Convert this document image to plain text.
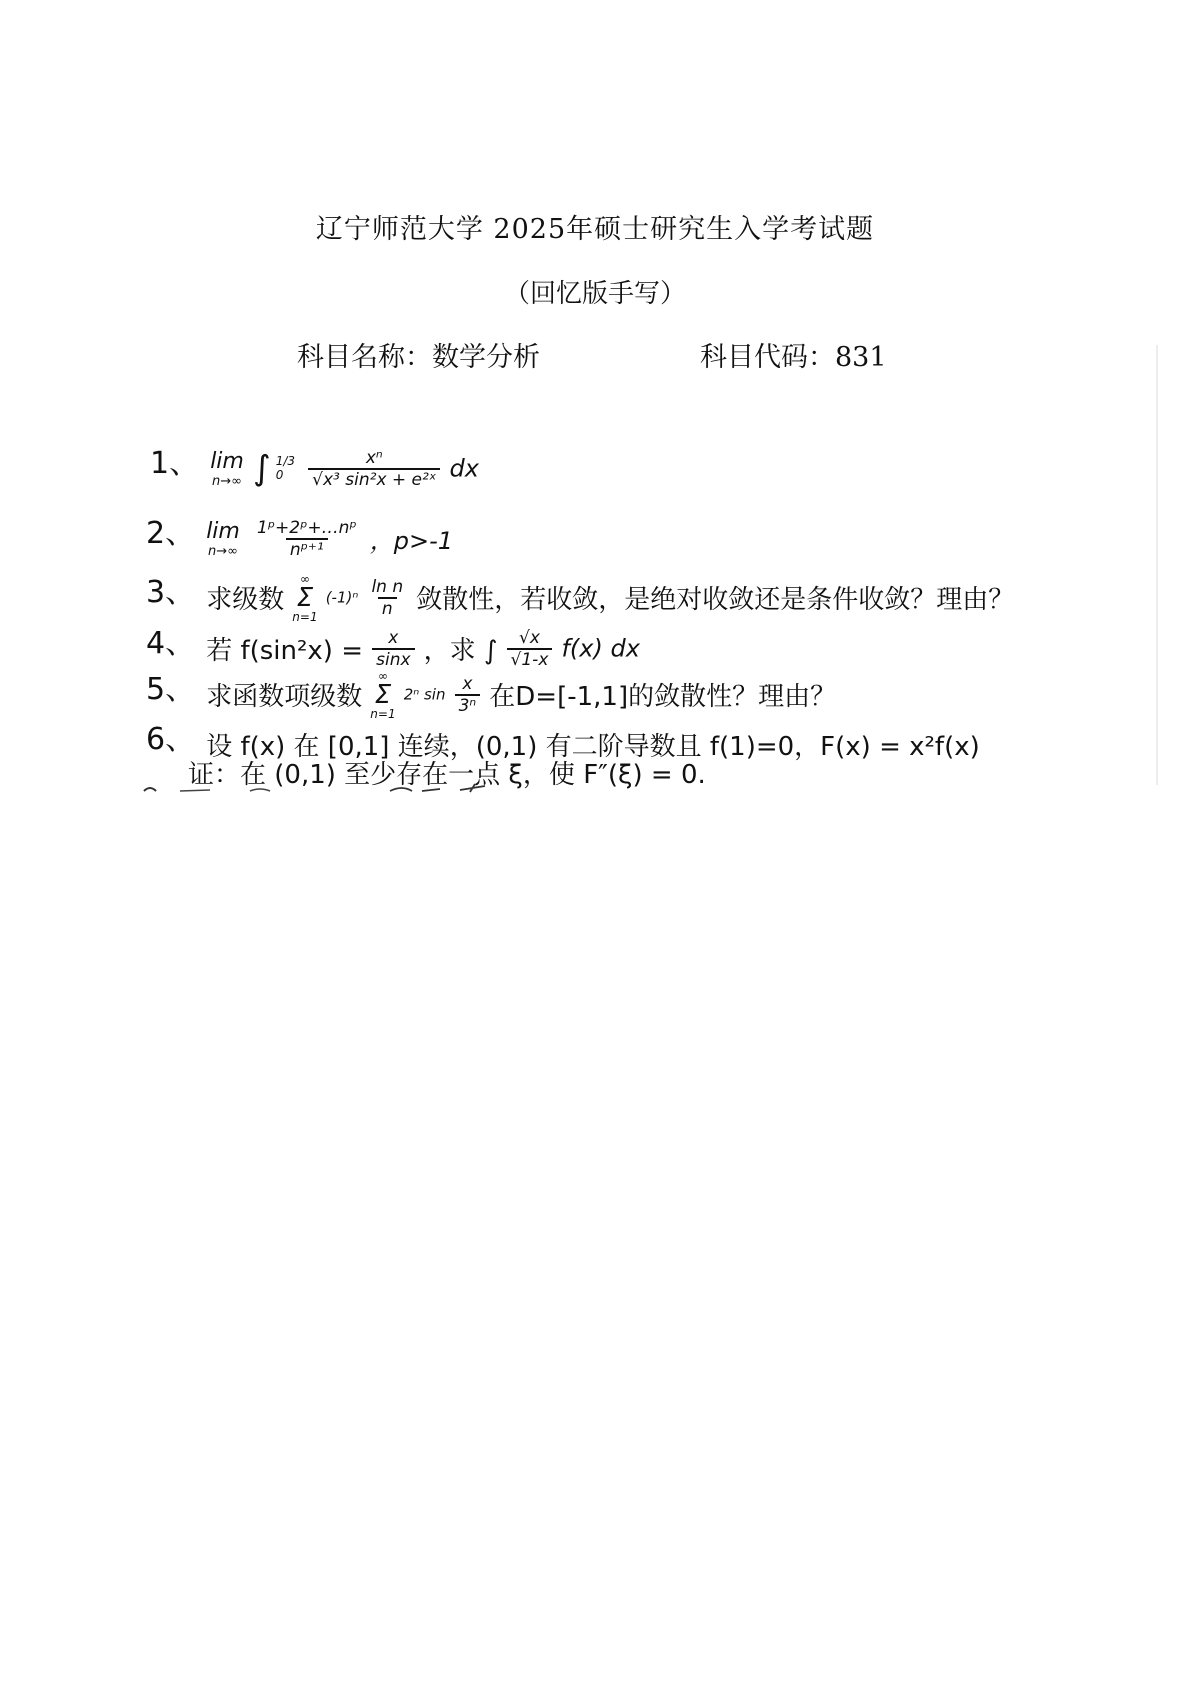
辽宁师范大学 2025年硕士研究生入学考试题
（回忆版手写）
科目名称：数学分析	科目代码：831
1、 lim
n→∞ ∫ 1/3
0
	$\frac{\text{xⁿ}}{\text{√x³ sin²x + e²ˣ}}$ dx
2、 lim
n→∞
$\frac{\text{1ᵖ+2ᵖ+…nᵖ}}{\text{nᵖ⁺¹}}$ ，p>-1
3、 求级数
∞
Σ
n=1
$(-1)^n \frac{\text{ln n}}{n}$ 敛散性，若收敛，是绝对收敛还是条件收敛？理由？
4、 若 $f(\sin^2x) = \frac{x}{\sin x}$ ，求 ∫ $\frac{√x}{√1-x} f(x)$ dx
5、 求函数项级数
∞
Σ
n=1
2ⁿ $\sin \frac{x}{\text{3ⁿ}}$ 在D=[-1,1]的敛散性？理由？
6、 设 f(x) 在 [0,1] 连续，(0,1) 有二阶导数且 f(1)=0，F(x) = x²f(x)
证：在 (0,1) 至少存在一点 ξ，使 F″(ξ) = 0.
